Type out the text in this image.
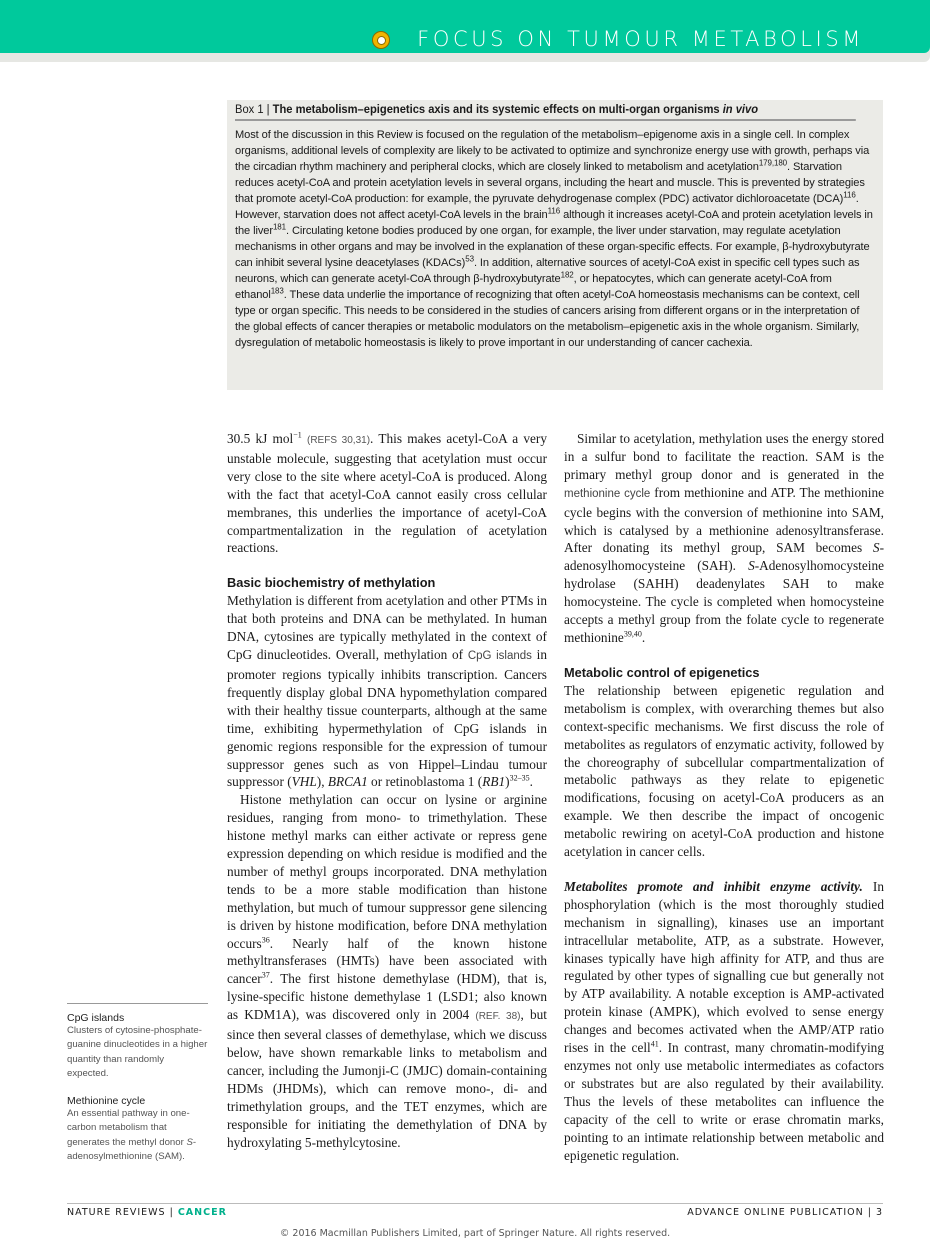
FOCUS ON TUMOUR METABOLISM
Box 1 | The metabolism–epigenetics axis and its systemic effects on multi-organ organisms in vivo
Most of the discussion in this Review is focused on the regulation of the metabolism–epigenome axis in a single cell. In complex organisms, additional levels of complexity are likely to be activated to optimize and synchronize energy use with growth, perhaps via the circadian rhythm machinery and peripheral clocks, which are closely linked to metabolism and acetylation$^{179,180}$. Starvation reduces acetyl-CoA and protein acetylation levels in several organs, including the heart and muscle. This is prevented by strategies that promote acetyl-CoA production: for example, the pyruvate dehydrogenase complex (PDC) activator dichloroacetate (DCA)$^{116}$. However, starvation does not affect acetyl-CoA levels in the brain$^{116}$ although it increases acetyl-CoA and protein acetylation levels in the liver$^{181}$. Circulating ketone bodies produced by one organ, for example, the liver under starvation, may regulate acetylation mechanisms in other organs and may be involved in the explanation of these organ-specific effects. For example, β-hydroxybutyrate can inhibit several lysine deacetylases (KDACs)$^{53}$. In addition, alternative sources of acetyl-CoA exist in specific cell types such as neurons, which can generate acetyl-CoA through β-hydroxybutyrate$^{182}$, or hepatocytes, which can generate acetyl-CoA from ethanol$^{183}$. These data underlie the importance of recognizing that often acetyl-CoA homeostasis mechanisms can be context, cell type or organ specific. This needs to be considered in the studies of cancers arising from different organs or in the interpretation of the global effects of cancer therapies or metabolic modulators on the metabolism–epigenetic axis in the whole organism. Similarly, dysregulation of metabolic homeostasis is likely to prove important in our understanding of cancer cachexia.

30.5 kJ mol$^{-1}$ (REFS 30,31). This makes acetyl-CoA a very unstable molecule, suggesting that acetylation must occur very close to the site where acetyl-CoA is produced. Along with the fact that acetyl-CoA cannot easily cross cellular membranes, this underlies the importance of acetyl-CoA compartmentalization in the regulation of acetylation reactions.

Basic biochemistry of methylation

Methylation is different from acetylation and other PTMs in that both proteins and DNA can be methylated. In human DNA, cytosines are typically methylated in the context of CpG dinucleotides. Overall, methylation of CpG islands in promoter regions typically inhibits transcription. Cancers frequently display global DNA hypomethylation compared with their healthy tissue counterparts, although at the same time, exhibiting hypermethylation of CpG islands in genomic regions responsible for the expression of tumour suppressor genes such as von Hippel–Lindau tumour suppressor (VHL), BRCA1 or retinoblastoma 1 $(RB1)^{32-35}$.

Histone methylation can occur on lysine or arginine residues, ranging from mono- to trimethylation. These histone methyl marks can either activate or repress gene expression depending on which residue is modified and the number of methyl groups incorporated. DNA methylation tends to be a more stable modification than histone methylation, but much of tumour suppressor gene silencing is driven by histone modification, before DNA methylation occurs$^{36}$. Nearly half of the known histone methyltransferases (HMTs) have been associated with cancer$^{37}$. The first histone demethylase (HDM), that is, lysine-specific histone demethylase 1 (LSD1; also known as KDM1A), was discovered only in 2004 (REF. 38), but since then several classes of demethylase, which we discuss below, have shown remarkable links to metabolism and cancer, including the Jumonji-C (JMJC) domain-containing HDMs (JHDMs), which can remove mono-, di- and trimethylation groups, and the TET enzymes, which are responsible for initiating the demethylation of DNA by hydroxylating 5-methylcytosine.

Similar to acetylation, methylation uses the energy stored in a sulfur bond to facilitate the reaction. SAM is the primary methyl group donor and is generated in the methionine cycle from methionine and ATP. The methionine cycle begins with the conversion of methionine into SAM, which is catalysed by a methionine adenosyltransferase. After donating its methyl group, SAM becomes S-adenosylhomocysteine (SAH). S-Adenosylhomocysteine hydrolase (SAHH) deadenylates SAH to make homocysteine. The cycle is completed when homocysteine accepts a methyl group from the folate cycle to regenerate methionine$^{39,40}$.

Metabolic control of epigenetics

The relationship between epigenetic regulation and metabolism is complex, with overarching themes but also context-specific mechanisms. We first discuss the role of metabolites as regulators of enzymatic activity, followed by the choreography of subcellular compartmentalization of metabolic pathways as they relate to epigenetic modifications, focusing on acetyl-CoA producers as an example. We then describe the impact of oncogenic metabolic rewiring on acetyl-CoA production and histone acetylation in cancer cells.

Metabolites promote and inhibit enzyme activity. In phosphorylation (which is the most thoroughly studied mechanism in signalling), kinases use an important intracellular metabolite, ATP, as a substrate. However, kinases typically have high affinity for ATP, and thus are regulated by other types of signalling cue but generally not by ATP availability. A notable exception is AMP-activated protein kinase (AMPK), which evolved to sense energy changes and becomes activated when the AMP/ATP ratio rises in the cell$^{41}$. In contrast, many chromatin-modifying enzymes not only use metabolic intermediates as cofactors or substrates but are also regulated by their availability. Thus the levels of these metabolites can influence the capacity of the cell to write or erase chromatin marks, pointing to an intimate relationship between metabolic and epigenetic regulation.

CpG islands
Clusters of cytosine-phosphate-guanine dinucleotides in a higher quantity than randomly expected.
Methionine cycle
An essential pathway in one-carbon metabolism that generates the methyl donor S-adenosylmethionine (SAM).
NATURE REVIEWS | CANCER	ADVANCE ONLINE PUBLICATION | 3
© 2016 Macmillan Publishers Limited, part of Springer Nature. All rights reserved.
